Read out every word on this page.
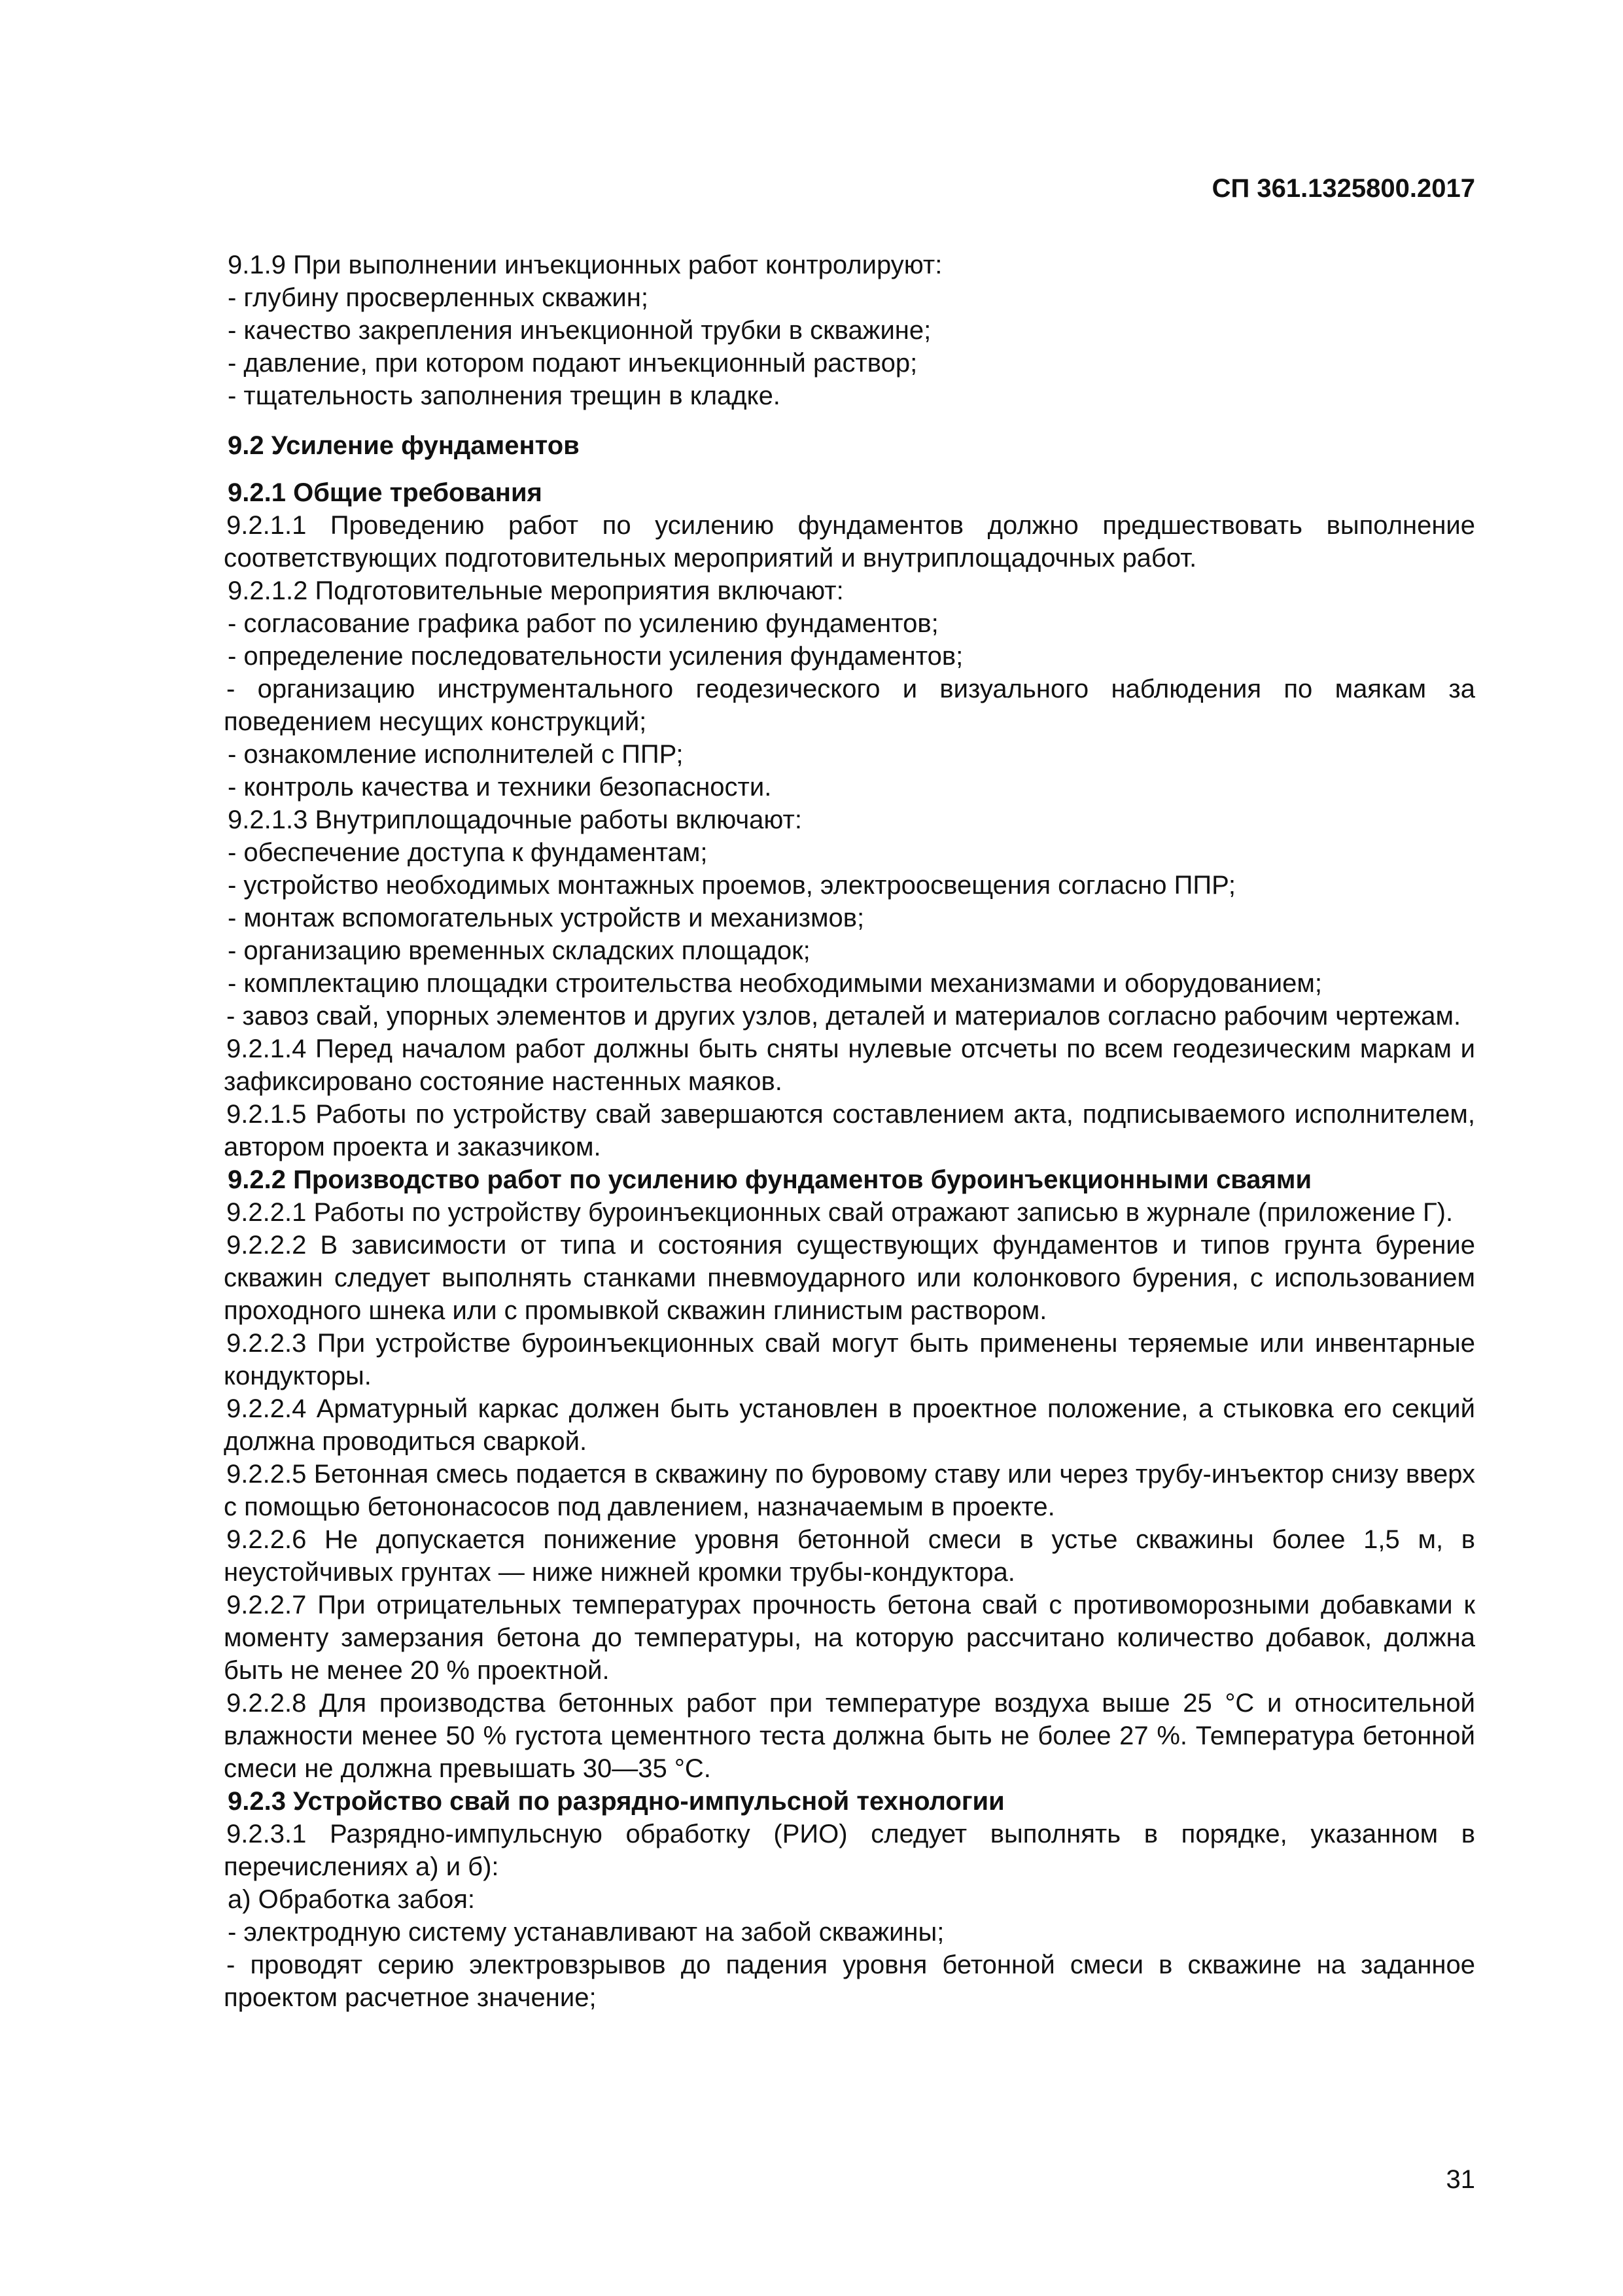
СП 361.1325800.2017

9.1.9 При выполнении инъекционных работ контролируют:

- глубину просверленных скважин;

- качество закрепления инъекционной трубки в скважине;

- давление, при котором подают инъекционный раствор;

- тщательность заполнения трещин в кладке.

9.2 Усиление фундаментов

9.2.1 Общие требования

9.2.1.1 Проведению работ по усилению фундаментов должно предшествовать выполнение соответствующих подготовительных мероприятий и внутриплощадочных работ.

9.2.1.2 Подготовительные мероприятия включают:

- согласование графика работ по усилению фундаментов;

- определение последовательности усиления фундаментов;

- организацию инструментального геодезического и визуального наблюдения по маякам за поведением несущих конструкций;

- ознакомление исполнителей с ППР;

- контроль качества и техники безопасности.

9.2.1.3 Внутриплощадочные работы включают:

- обеспечение доступа к фундаментам;

- устройство необходимых монтажных проемов, электроосвещения согласно ППР;

- монтаж вспомогательных устройств и механизмов;

- организацию временных складских площадок;

- комплектацию площадки строительства необходимыми механизмами и оборудованием;

- завоз свай, упорных элементов и других узлов, деталей и материалов согласно рабочим чертежам.

9.2.1.4 Перед началом работ должны быть сняты нулевые отсчеты по всем геодезическим маркам и зафиксировано состояние настенных маяков.

9.2.1.5 Работы по устройству свай завершаются составлением акта, подписываемого исполнителем, автором проекта и заказчиком.

9.2.2 Производство работ по усилению фундаментов буроинъекционными сваями

9.2.2.1 Работы по устройству буроинъекционных свай отражают записью в журнале (приложение Г).

9.2.2.2 В зависимости от типа и состояния существующих фундаментов и типов грунта бурение скважин следует выполнять станками пневмоударного или колонкового бурения, с использованием проходного шнека или с промывкой скважин глинистым раствором.

9.2.2.3 При устройстве буроинъекционных свай могут быть применены теряемые или инвентарные кондукторы.

9.2.2.4 Арматурный каркас должен быть установлен в проектное положение, а стыковка его секций должна проводиться сваркой.

9.2.2.5 Бетонная смесь подается в скважину по буровому ставу или через трубу-инъектор снизу вверх с помощью бетононасосов под давлением, назначаемым в проекте.

9.2.2.6 Не допускается понижение уровня бетонной смеси в устье скважины более 1,5 м, в неустойчивых грунтах — ниже нижней кромки трубы-кондуктора.

9.2.2.7 При отрицательных температурах прочность бетона свай с противоморозными добавками к моменту замерзания бетона до температуры, на которую рассчитано количество добавок, должна быть не менее 20 % проектной.

9.2.2.8 Для производства бетонных работ при температуре воздуха выше 25 °С и относительной влажности менее 50 % густота цементного теста должна быть не более 27 %. Температура бетонной смеси не должна превышать 30—35 °С.

9.2.3 Устройство свай по разрядно-импульсной технологии

9.2.3.1 Разрядно-импульсную обработку (РИО) следует выполнять в порядке, указанном в перечислениях а) и б):

а) Обработка забоя:

- электродную систему устанавливают на забой скважины;

- проводят серию электровзрывов до падения уровня бетонной смеси в скважине на заданное проектом расчетное значение;

31
